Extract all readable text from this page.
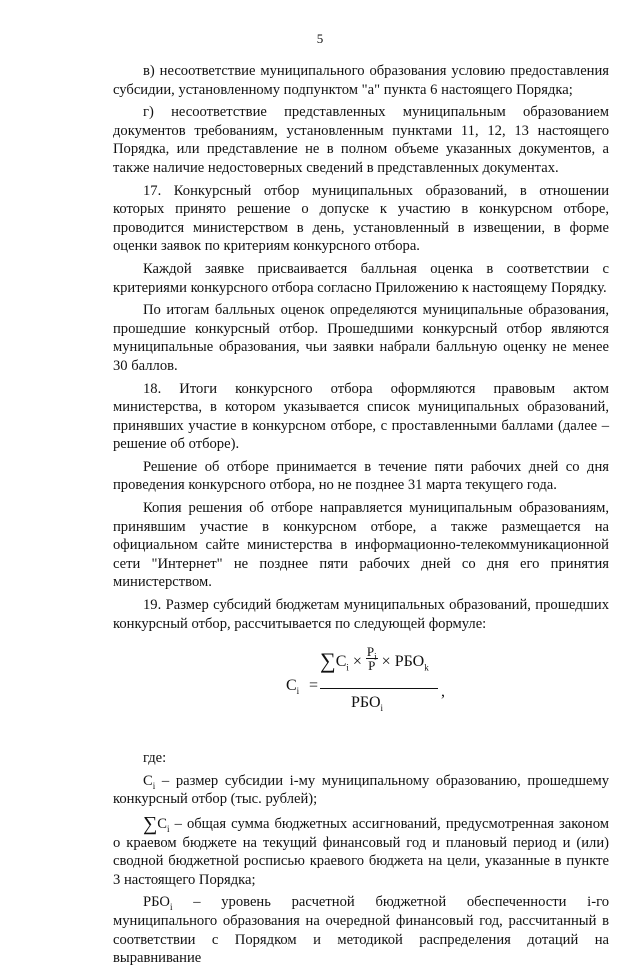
5

в) несоответствие муниципального образования условию предоставления субсидии, установленному подпунктом "а" пункта 6 настоящего Порядка;

г) несоответствие представленных муниципальным образованием документов требованиям, установленным пунктами 11, 12, 13 настоящего Порядка, или представление не в полном объеме указанных документов, а также наличие недостоверных сведений в представленных документах.

17. Конкурсный отбор муниципальных образований, в отношении которых принято решение о допуске к участию в конкурсном отборе, проводится министерством в день, установленный в извещении, в форме оценки заявок по критериям конкурсного отбора.

Каждой заявке присваивается балльная оценка в соответствии с критериями конкурсного отбора согласно Приложению к настоящему Порядку.

По итогам балльных оценок определяются муниципальные образования, прошедшие конкурсный отбор. Прошедшими конкурсный отбор являются муниципальные образования, чьи заявки набрали балльную оценку не менее 30 баллов.

18. Итоги конкурсного отбора оформляются правовым актом министерства, в котором указывается список муниципальных образований, принявших участие в конкурсном отборе, с проставленными баллами (далее – решение об отборе).

Решение об отборе принимается в течение пяти рабочих дней со дня проведения конкурсного отбора, но не позднее 31 марта текущего года.

Копия решения об отборе направляется муниципальным образованиям, принявшим участие в конкурсном отборе, а также размещается на официальном сайте министерства в информационно-телекоммуникационной сети "Интернет" не позднее пяти рабочих дней со дня его принятия министерством.

19. Размер субсидий бюджетам муниципальных образований, прошедших конкурсный отбор, рассчитывается по следующей формуле:

$C_i$ =
$\sum C_i \times \frac{P_i}{P} \times РБО_k$
$РБО_i$
,

где:

$C_i$ – размер субсидии i-му муниципальному образованию, прошедшему конкурсный отбор (тыс. рублей);

$\sum C_i$ – общая сумма бюджетных ассигнований, предусмотренная законом о краевом бюджете на текущий финансовый год и плановый период и (или) сводной бюджетной росписью краевого бюджета на цели, указанные в пункте 3 настоящего Порядка;

$РБО_i$ – уровень расчетной бюджетной обеспеченности i-го муниципального образования на очередной финансовый год, рассчитанный в соответствии с Порядком и методикой распределения дотаций на выравнивание
